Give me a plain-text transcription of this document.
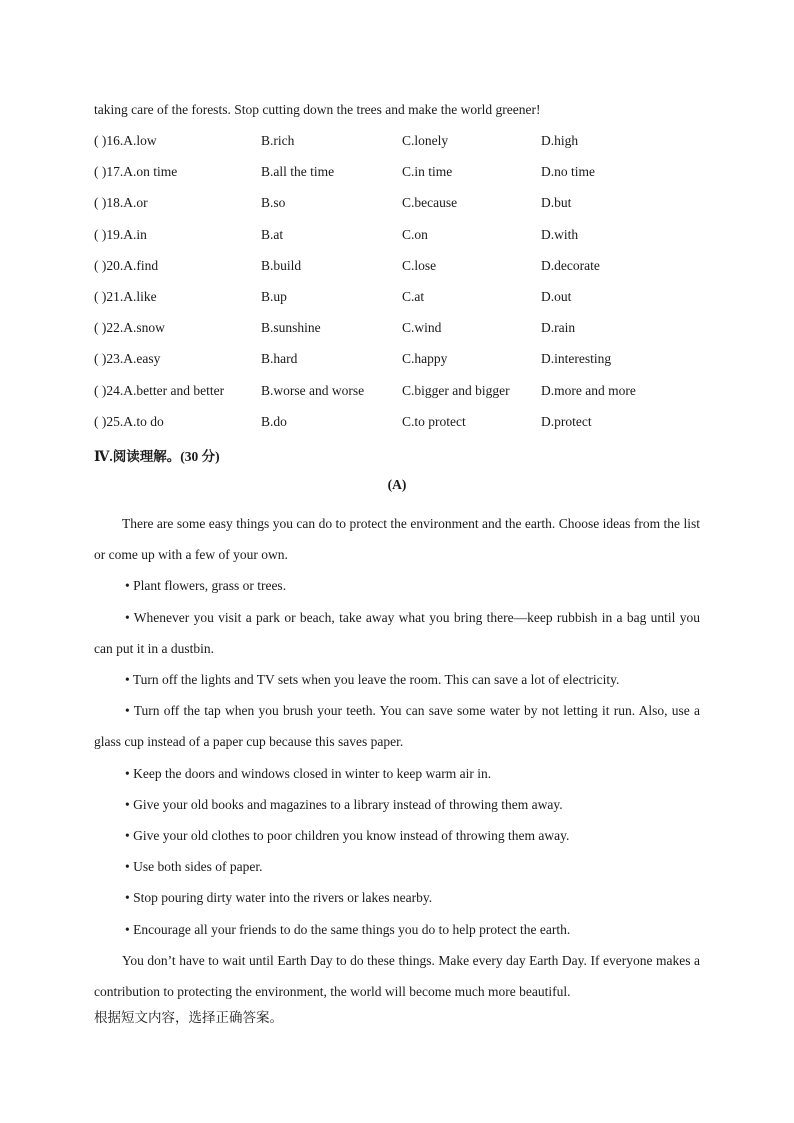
taking care of the forests. Stop cutting down the trees and make the world greener!
( )16.A.low	B.rich	C.lonely	D.high
( )17.A.on time	B.all the time	C.in time	D.no time
( )18.A.or	B.so	C.because	D.but
( )19.A.in	B.at	C.on	D.with
( )20.A.find	B.build	C.lose	D.decorate
( )21.A.like	B.up	C.at	D.out
( )22.A.snow	B.sunshine	C.wind	D.rain
( )23.A.easy	B.hard	C.happy	D.interesting
( )24.A.better and better	B.worse and worse	C.bigger and bigger D.more and more
( )25.A.to do	B.do	C.to protect	D.protect
Ⅳ.阅读理解。(30 分)
(A)

There are some easy things you can do to protect the environment and the earth. Choose ideas from the list or come up with a few of your own.

• Plant flowers, grass or trees.

• Whenever you visit a park or beach, take away what you bring there—keep rubbish in a bag until you can put it in a dustbin.

• Turn off the lights and TV sets when you leave the room. This can save a lot of electricity.

• Turn off the tap when you brush your teeth. You can save some water by not letting it run. Also, use a glass cup instead of a paper cup because this saves paper.

• Keep the doors and windows closed in winter to keep warm air in.

• Give your old books and magazines to a library instead of throwing them away.

• Give your old clothes to poor children you know instead of throwing them away.

• Use both sides of paper.

• Stop pouring dirty water into the rivers or lakes nearby.

• Encourage all your friends to do the same things you do to help protect the earth.

You don’t have to wait until Earth Day to do these things. Make every day Earth Day. If everyone makes a contribution to protecting the environment, the world will become much more beautiful.

根据短文内容，选择正确答案。
